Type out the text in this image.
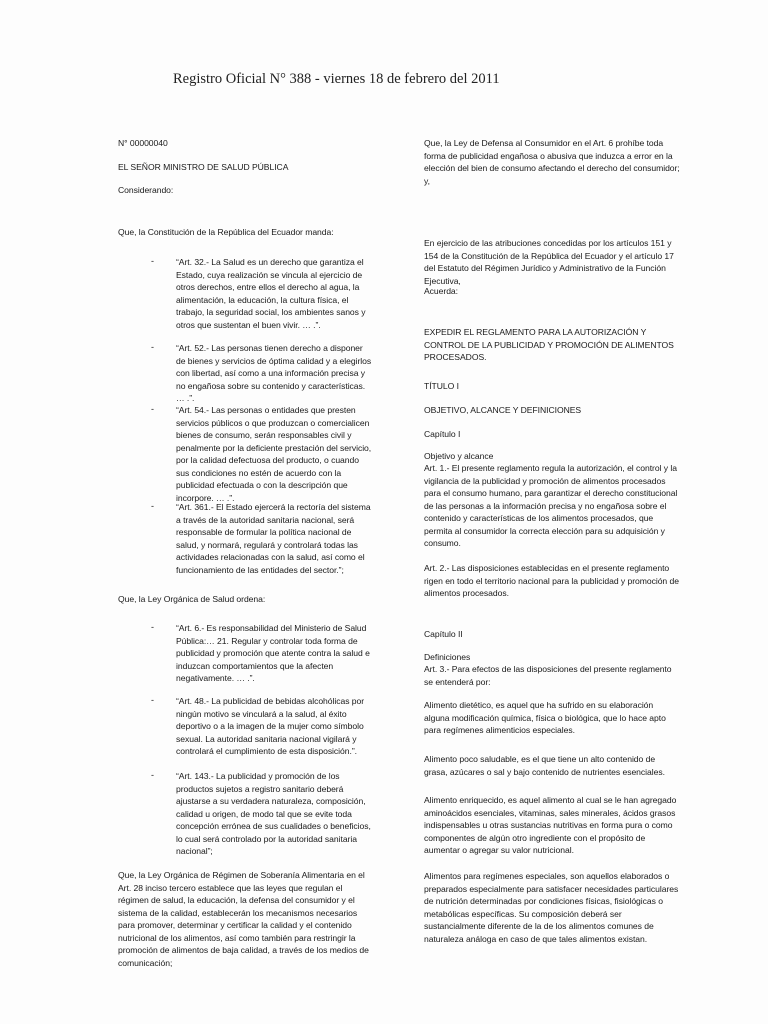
Registro Oficial N° 388 - viernes 18 de febrero del 2011

N° 00000040

EL SEÑOR MINISTRO DE SALUD PÚBLICA

Considerando:

Que, la Constitución de la República del Ecuador manda:

-	“Art. 32.- La Salud es un derecho que garantiza el Estado, cuya realización se vincula al ejercicio de otros derechos, entre ellos el derecho al agua, la alimentación, la educación, la cultura física, el trabajo, la seguridad social, los ambientes sanos y otros que sustentan el buen vivir. … .”.

-	“Art. 52.- Las personas tienen derecho a disponer de bienes y servicios de óptima calidad y a elegirlos con libertad, así como a una información precisa y no engañosa sobre su contenido y características. … .”.

-	“Art. 54.- Las personas o entidades que presten servicios públicos o que produzcan o comercialicen bienes de consumo, serán responsables civil y penalmente por la deficiente prestación del servicio, por la calidad defectuosa del producto, o cuando sus condiciones no estén de acuerdo con la publicidad efectuada o con la descripción que incorpore. … .”.

-	“Art. 361.- El Estado ejercerá la rectoría del sistema a través de la autoridad sanitaria nacional, será responsable de formular la política nacional de salud, y normará, regulará y controlará todas las actividades relacionadas con la salud, así como el funcionamiento de las entidades del sector.”;

Que, la Ley Orgánica de Salud ordena:

-	“Art. 6.- Es responsabilidad del Ministerio de Salud Pública:… 21. Regular y controlar toda forma de publicidad y promoción que atente contra la salud e induzcan comportamientos que la afecten negativamente. … .”.

-	“Art. 48.- La publicidad de bebidas alcohólicas por ningún motivo se vinculará a la salud, al éxito deportivo o a la imagen de la mujer como símbolo sexual. La autoridad sanitaria nacional vigilará y controlará el cumplimiento de esta disposición.”.

-	“Art. 143.- La publicidad y promoción de los productos sujetos a registro sanitario deberá ajustarse a su verdadera naturaleza, composición, calidad u origen, de modo tal que se evite toda concepción errónea de sus cualidades o beneficios, lo cual será controlado por la autoridad sanitaria nacional”;

Que, la Ley Orgánica de Régimen de Soberanía Alimentaria en el Art. 28 inciso tercero establece que las leyes que regulan el régimen de salud, la educación, la defensa del consumidor y el sistema de la calidad, establecerán los mecanismos necesarios para promover, determinar y certificar la calidad y el contenido nutricional de los alimentos, así como también para restringir la promoción de alimentos de baja calidad, a través de los medios de comunicación;

Que, la Ley de Defensa al Consumidor en el Art. 6 prohíbe toda forma de publicidad engañosa o abusiva que induzca a error en la elección del bien de consumo afectando el derecho del consumidor; y,

En ejercicio de las atribuciones concedidas por los artículos 151 y 154 de la Constitución de la República del Ecuador y el artículo 17 del Estatuto del Régimen Jurídico y Administrativo de la Función Ejecutiva,

Acuerda:

EXPEDIR EL REGLAMENTO PARA LA AUTORIZACIÓN Y CONTROL DE LA PUBLICIDAD Y PROMOCIÓN DE ALIMENTOS PROCESADOS.

TÍTULO I

OBJETIVO, ALCANCE Y DEFINICIONES

Capítulo I

Objetivo y alcance

Art. 1.- El presente reglamento regula la autorización, el control y la vigilancia de la publicidad y promoción de alimentos procesados para el consumo humano, para garantizar el derecho constitucional de las personas a la información precisa y no engañosa sobre el contenido y características de los alimentos procesados, que permita al consumidor la correcta elección para su adquisición y consumo.

Art. 2.- Las disposiciones establecidas en el presente reglamento rigen en todo el territorio nacional para la publicidad y promoción de alimentos procesados.

Capítulo II

Definiciones

Art. 3.- Para efectos de las disposiciones del presente reglamento se entenderá por:

Alimento dietético, es aquel que ha sufrido en su elaboración alguna modificación química, física o biológica, que lo hace apto para regímenes alimenticios especiales.

Alimento poco saludable, es el que tiene un alto contenido de grasa, azúcares o sal y bajo contenido de nutrientes esenciales.

Alimento enriquecido, es aquel alimento al cual se le han agregado aminoácidos esenciales, vitaminas, sales minerales, ácidos grasos indispensables u otras sustancias nutritivas en forma pura o como componentes de algún otro ingrediente con el propósito de aumentar o agregar su valor nutricional.

Alimentos para regímenes especiales, son aquellos elaborados o preparados especialmente para satisfacer necesidades particulares de nutrición determinadas por condiciones físicas, fisiológicas o metabólicas específicas. Su composición deberá ser sustancialmente diferente de la de los alimentos comunes de naturaleza análoga en caso de que tales alimentos existan.
